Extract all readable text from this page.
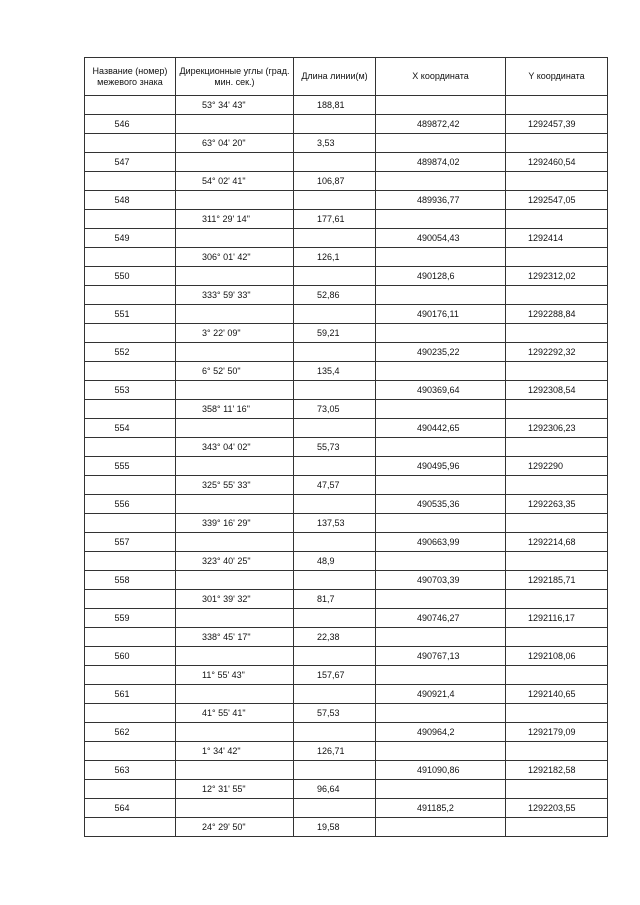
Название (номер) межевого знака	Дирекционные углы (град. мин. сек.)	Длина линии(м)	X координата	Y координата
	53° 34' 43"	188,81		
546			489872,42	1292457,39
	63° 04' 20"	3,53		
547			489874,02	1292460,54
	54° 02' 41"	106,87		
548			489936,77	1292547,05
	311° 29' 14"	177,61		
549			490054,43	1292414
	306° 01' 42"	126,1		
550			490128,6	1292312,02
	333° 59' 33"	52,86		
551			490176,11	1292288,84
	3° 22' 09"	59,21		
552			490235,22	1292292,32
	6° 52' 50"	135,4		
553			490369,64	1292308,54
	358° 11' 16"	73,05		
554			490442,65	1292306,23
	343° 04' 02"	55,73		
555			490495,96	1292290
	325° 55' 33"	47,57		
556			490535,36	1292263,35
	339° 16' 29"	137,53		
557			490663,99	1292214,68
	323° 40' 25"	48,9		
558			490703,39	1292185,71
	301° 39' 32"	81,7		
559			490746,27	1292116,17
	338° 45' 17"	22,38		
560			490767,13	1292108,06
	11° 55' 43"	157,67		
561			490921,4	1292140,65
	41° 55' 41"	57,53		
562			490964,2	1292179,09
	1° 34' 42"	126,71		
563			491090,86	1292182,58
	12° 31' 55"	96,64		
564			491185,2	1292203,55
	24° 29' 50"	19,58		
